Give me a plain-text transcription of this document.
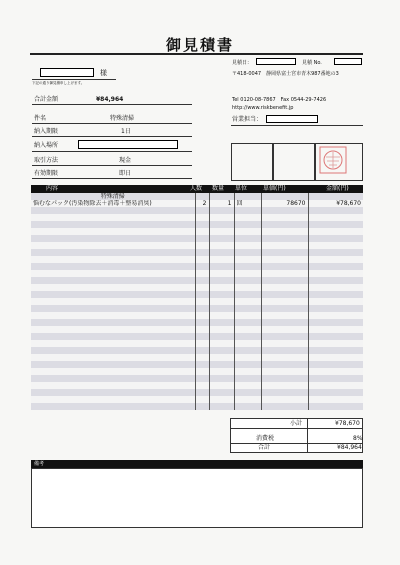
御見積書
見積日：	見積 No.
様
下記の通り御見積申し上げます。
〒418-0047　静岡県富士宮市青木987番地の3
Tel 0120-08-7867　Fax 0544-29-7426
http://www.riskbenefit.jp
営業担当：
合計金額	¥84,964
件名	特殊清掃
納入期限	1日
納入場所
取引方法	現金
有効期限	即日
内容	人数 数量 単位	単価(円)	金額(円)
特殊清掃					
悩むなパック(汚染物除去＋消毒＋整易消臭)	2	1	回	78670	¥78,670

小計	¥78,670
消費税	8%
合計	¥84,964
備考
